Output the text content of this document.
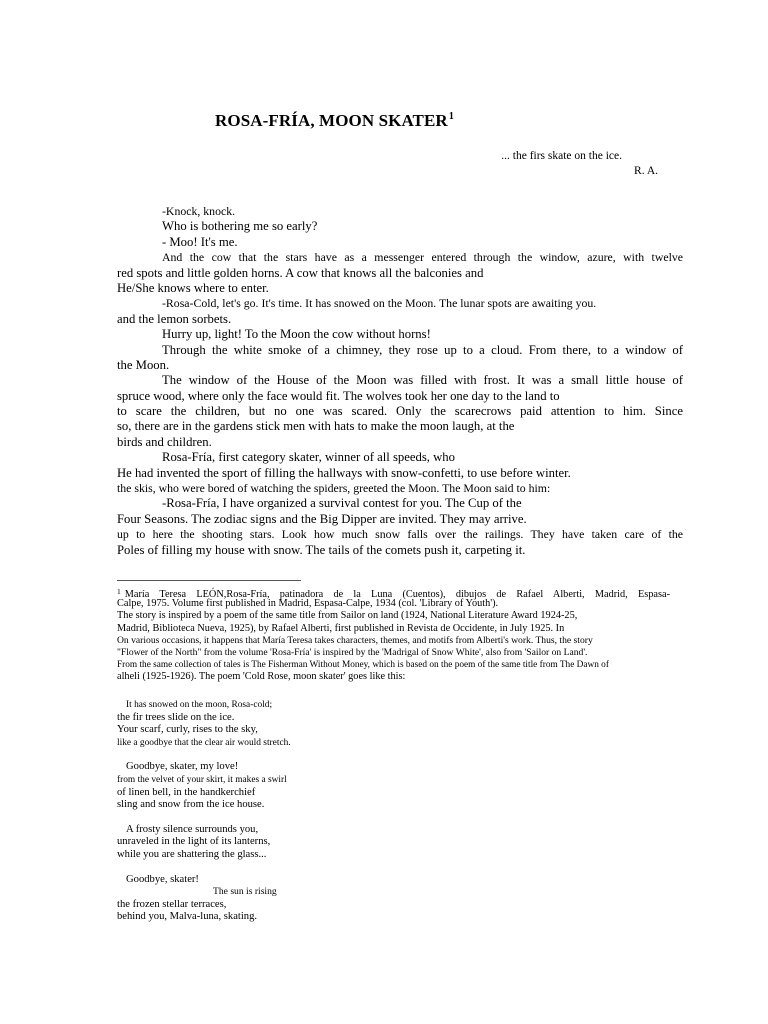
ROSA-FRÍA, MOON SKATER$^1$
... the firs skate on the ice.
R. A.
-Knock, knock.
Who is bothering me so early?
- Moo! It's me.
And the cow that the stars have as a messenger entered through the window, azure, with twelve
red spots and little golden horns. A cow that knows all the balconies and
He/She knows where to enter.
-Rosa-Cold, let's go. It's time. It has snowed on the Moon. The lunar spots are awaiting you.
and the lemon sorbets.
Hurry up, light! To the Moon the cow without horns!
Through the white smoke of a chimney, they rose up to a cloud. From there, to a window of
the Moon.
The window of the House of the Moon was filled with frost. It was a small little house of
spruce wood, where only the face would fit. The wolves took her one day to the land to
to scare the children, but no one was scared. Only the scarecrows paid attention to him. Since
so, there are in the gardens stick men with hats to make the moon laugh, at the
birds and children.
Rosa-Fría, first category skater, winner of all speeds, who
He had invented the sport of filling the hallways with snow-confetti, to use before winter.
the skis, who were bored of watching the spiders, greeted the Moon. The Moon said to him:
-Rosa-Fría, I have organized a survival contest for you. The Cup of the
Four Seasons. The zodiac signs and the Big Dipper are invited. They may arrive.
up to here the shooting stars. Look how much snow falls over the railings. They have taken care of the
Poles of filling my house with snow. The tails of the comets push it, carpeting it.
$^1$ María Teresa LEÓN,Rosa-Fría, patinadora de la Luna (Cuentos), dibujos de Rafael Alberti, Madrid, Espasa-
Calpe, 1975. Volume first published in Madrid, Espasa-Calpe, 1934 (col. 'Library of Youth').
The story is inspired by a poem of the same title from Sailor on land (1924, National Literature Award 1924-25,
Madrid, Biblioteca Nueva, 1925), by Rafael Alberti, first published in Revista de Occidente, in July 1925. In
On various occasions, it happens that María Teresa takes characters, themes, and motifs from Alberti's work. Thus, the story
"Flower of the North" from the volume 'Rosa-Fría' is inspired by the 'Madrigal of Snow White', also from 'Sailor on Land'.
From the same collection of tales is The Fisherman Without Money, which is based on the poem of the same title from The Dawn of
alheli (1925-1926). The poem 'Cold Rose, moon skater' goes like this:
It has snowed on the moon, Rosa-cold;
the fir trees slide on the ice.
Your scarf, curly, rises to the sky,
like a goodbye that the clear air would stretch.
Goodbye, skater, my love!
from the velvet of your skirt, it makes a swirl
of linen bell, in the handkerchief
sling and snow from the ice house.
A frosty silence surrounds you,
unraveled in the light of its lanterns,
while you are shattering the glass...
Goodbye, skater!
The sun is rising
the frozen stellar terraces,
behind you, Malva-luna, skating.
